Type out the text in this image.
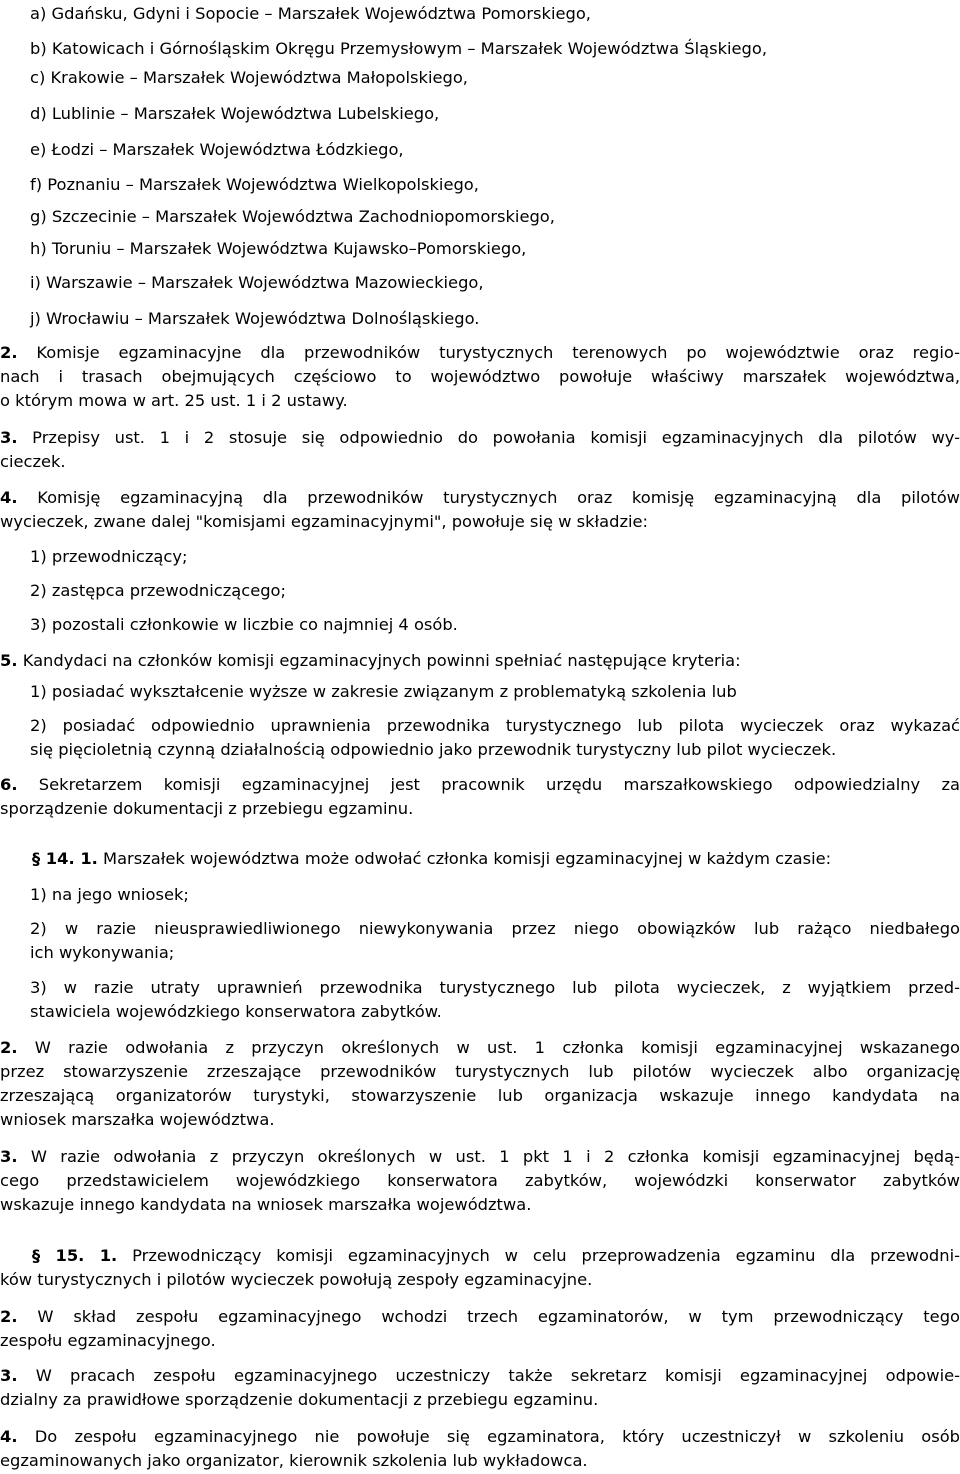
a) Gdańsku, Gdyni i Sopocie – Marszałek Województwa Pomorskiego,
b) Katowicach i Górnośląskim Okręgu Przemysłowym – Marszałek Województwa Śląskiego,
c) Krakowie – Marszałek Województwa Małopolskiego,
d) Lublinie – Marszałek Województwa Lubelskiego,
e) Łodzi – Marszałek Województwa Łódzkiego,
f) Poznaniu – Marszałek Województwa Wielkopolskiego,
g) Szczecinie – Marszałek Województwa Zachodniopomorskiego,
h) Toruniu – Marszałek Województwa Kujawsko–Pomorskiego,
i) Warszawie – Marszałek Województwa Mazowieckiego,
j) Wrocławiu – Marszałek Województwa Dolnośląskiego.
2. Komisje egzaminacyjne dla przewodników turystycznych terenowych po województwie oraz regio-
nach i trasach obejmujących częściowo to województwo powołuje właściwy marszałek województwa,
o którym mowa w art. 25 ust. 1 i 2 ustawy.
3. Przepisy ust. 1 i 2 stosuje się odpowiednio do powołania komisji egzaminacyjnych dla pilotów wy-
cieczek.
4. Komisję egzaminacyjną dla przewodników turystycznych oraz komisję egzaminacyjną dla pilotów
wycieczek, zwane dalej "komisjami egzaminacyjnymi", powołuje się w składzie:
1) przewodniczący;
2) zastępca przewodniczącego;
3) pozostali członkowie w liczbie co najmniej 4 osób.
5. Kandydaci na członków komisji egzaminacyjnych powinni spełniać następujące kryteria:
1) posiadać wykształcenie wyższe w zakresie związanym z problematyką szkolenia lub
2) posiadać odpowiednio uprawnienia przewodnika turystycznego lub pilota wycieczek oraz wykazać
się pięcioletnią czynną działalnością odpowiednio jako przewodnik turystyczny lub pilot wycieczek.
6. Sekretarzem komisji egzaminacyjnej jest pracownik urzędu marszałkowskiego odpowiedzialny za
sporządzenie dokumentacji z przebiegu egzaminu.
§ 14. 1. Marszałek województwa może odwołać członka komisji egzaminacyjnej w każdym czasie:
1) na jego wniosek;
2) w razie nieusprawiedliwionego niewykonywania przez niego obowiązków lub rażąco niedbałego
ich wykonywania;
3) w razie utraty uprawnień przewodnika turystycznego lub pilota wycieczek, z wyjątkiem przed-
stawiciela wojewódzkiego konserwatora zabytków.
2. W razie odwołania z przyczyn określonych w ust. 1 członka komisji egzaminacyjnej wskazanego
przez stowarzyszenie zrzeszające przewodników turystycznych lub pilotów wycieczek albo organizację
zrzeszającą organizatorów turystyki, stowarzyszenie lub organizacja wskazuje innego kandydata na
wniosek marszałka województwa.
3. W razie odwołania z przyczyn określonych w ust. 1 pkt 1 i 2 członka komisji egzaminacyjnej będą-
cego przedstawicielem wojewódzkiego konserwatora zabytków, wojewódzki konserwator zabytków
wskazuje innego kandydata na wniosek marszałka województwa.
§ 15. 1. Przewodniczący komisji egzaminacyjnych w celu przeprowadzenia egzaminu dla przewodni-
ków turystycznych i pilotów wycieczek powołują zespoły egzaminacyjne.
2. W skład zespołu egzaminacyjnego wchodzi trzech egzaminatorów, w tym przewodniczący tego
zespołu egzaminacyjnego.
3. W pracach zespołu egzaminacyjnego uczestniczy także sekretarz komisji egzaminacyjnej odpowie-
dzialny za prawidłowe sporządzenie dokumentacji z przebiegu egzaminu.
4. Do zespołu egzaminacyjnego nie powołuje się egzaminatora, który uczestniczył w szkoleniu osób
egzaminowanych jako organizator, kierownik szkolenia lub wykładowca.
